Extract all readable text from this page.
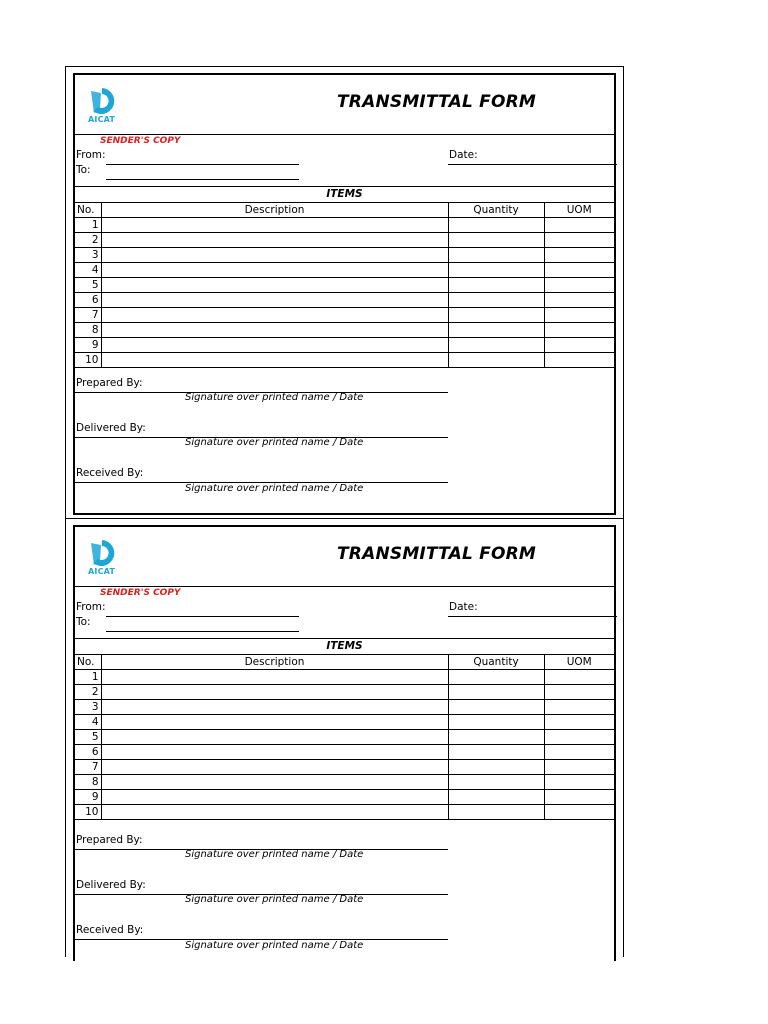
AICAT
TRANSMITTAL FORM
SENDER'S COPY
From:	Date:
To:
ITEMS
No.	Description	Quantity	UOM
1			
2			
3			
4			
5			
6			
7			
8			
9			
10			
Prepared By:
Signature over printed name / Date
Delivered By:
Signature over printed name / Date
Received By:
Signature over printed name / Date
AICAT
TRANSMITTAL FORM
SENDER'S COPY
From:	Date:
To:
ITEMS
No.	Description	Quantity	UOM
1			
2			
3			
4			
5			
6			
7			
8			
9			
10			
Prepared By:
Signature over printed name / Date
Delivered By:
Signature over printed name / Date
Received By:
Signature over printed name / Date
